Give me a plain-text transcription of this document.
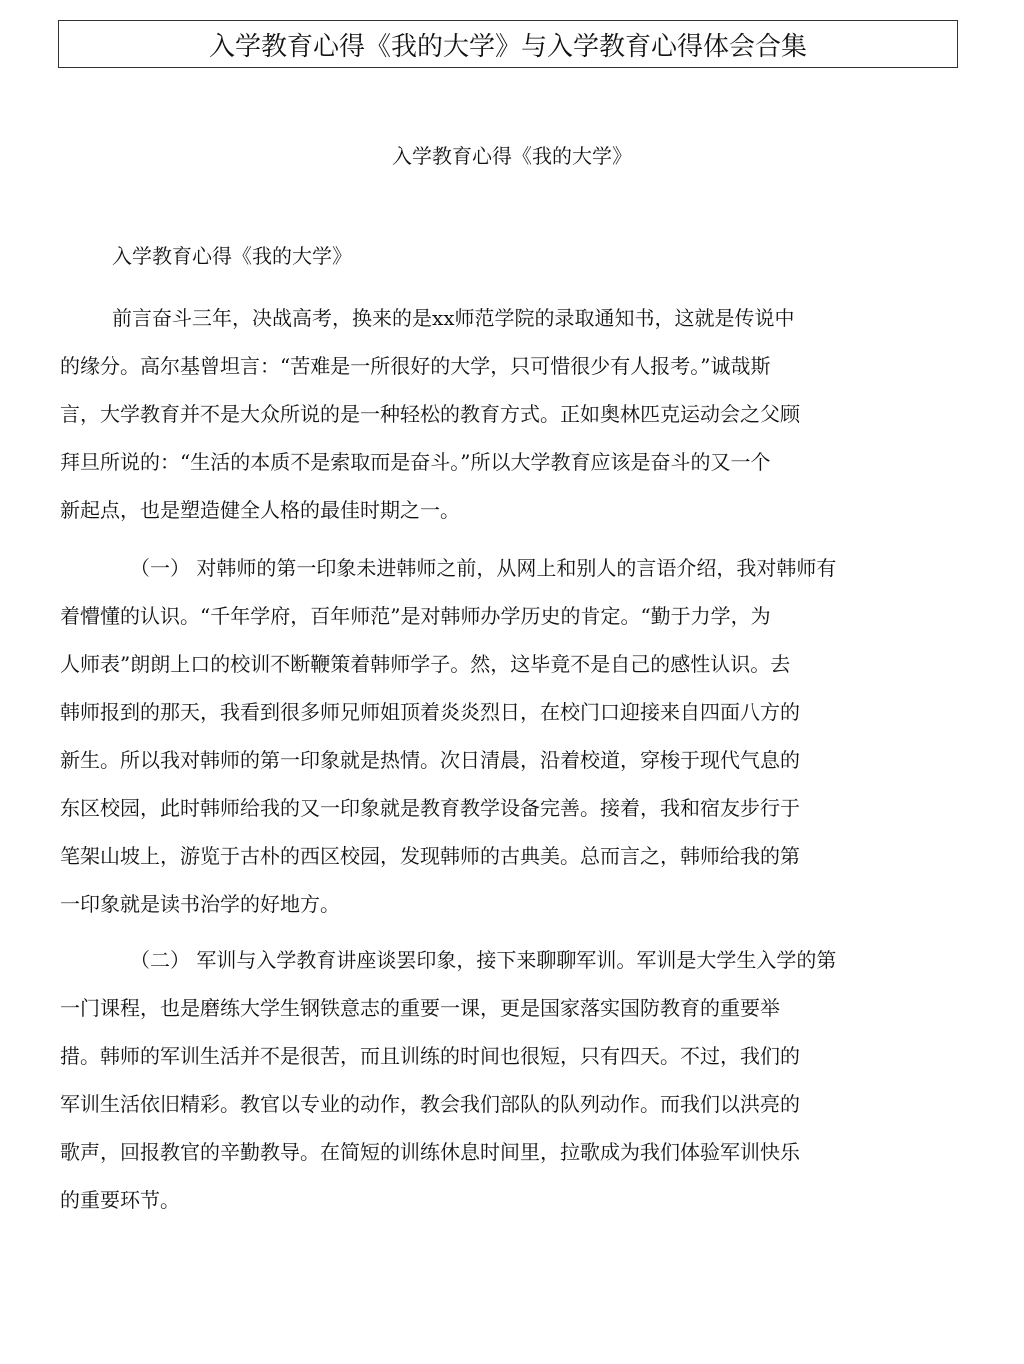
入学教育心得《我的大学》与入学教育心得体会合集
入学教育心得《我的大学》
入学教育心得《我的大学》
前言奋斗三年，决战高考，换来的是xx师范学院的录取通知书，这就是传说中
的缘分。高尔基曾坦言：“苦难是一所很好的大学，只可惜很少有人报考。”诚哉斯
言，大学教育并不是大众所说的是一种轻松的教育方式。正如奥林匹克运动会之父顾
拜旦所说的：“生活的本质不是索取而是奋斗。”所以大学教育应该是奋斗的又一个
新起点，也是塑造健全人格的最佳时期之一。
（一） 对韩师的第一印象未进韩师之前，从网上和别人的言语介绍，我对韩师有
着懵懂的认识。“千年学府，百年师范”是对韩师办学历史的肯定。“勤于力学，为
人师表”朗朗上口的校训不断鞭策着韩师学子。然，这毕竟不是自己的感性认识。去
韩师报到的那天，我看到很多师兄师姐顶着炎炎烈日，在校门口迎接来自四面八方的
新生。所以我对韩师的第一印象就是热情。次日清晨，沿着校道，穿梭于现代气息的
东区校园，此时韩师给我的又一印象就是教育教学设备完善。接着，我和宿友步行于
笔架山坡上，游览于古朴的西区校园，发现韩师的古典美。总而言之，韩师给我的第
一印象就是读书治学的好地方。
（二） 军训与入学教育讲座谈罢印象，接下来聊聊军训。军训是大学生入学的第
一门课程，也是磨练大学生钢铁意志的重要一课，更是国家落实国防教育的重要举
措。韩师的军训生活并不是很苦，而且训练的时间也很短，只有四天。不过，我们的
军训生活依旧精彩。教官以专业的动作，教会我们部队的队列动作。而我们以洪亮的
歌声，回报教官的辛勤教导。在简短的训练休息时间里，拉歌成为我们体验军训快乐
的重要环节。
